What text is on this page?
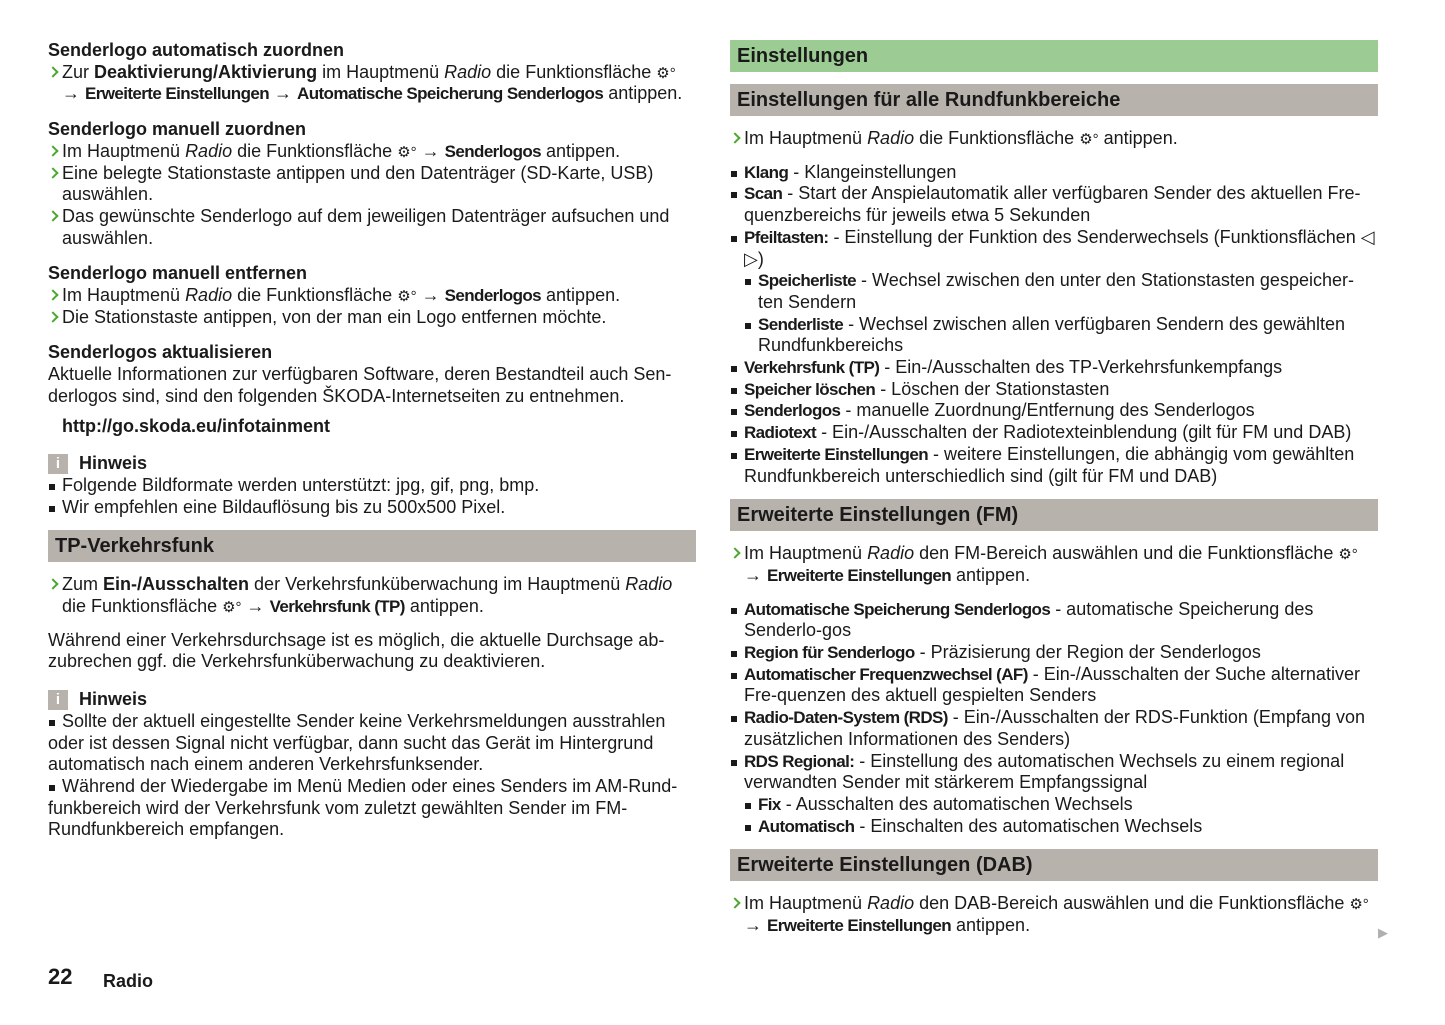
Senderlogo automatisch zuordnen
Zur Deaktivierung/Aktivierung im Hauptmenü Radio die Funktionsfläche ⚙° → Erweiterte Einstellungen → Automatische Speicherung Senderlogos antippen.
Senderlogo manuell zuordnen
Im Hauptmenü Radio die Funktionsfläche ⚙° → Senderlogos antippen.
Eine belegte Stationstaste antippen und den Datenträger (SD-Karte, USB) auswählen.
Das gewünschte Senderlogo auf dem jeweiligen Datenträger aufsuchen und auswählen.
Senderlogo manuell entfernen
Im Hauptmenü Radio die Funktionsfläche ⚙° → Senderlogos antippen.
Die Stationstaste antippen, von der man ein Logo entfernen möchte.
Senderlogos aktualisieren
Aktuelle Informationen zur verfügbaren Software, deren Bestandteil auch Sen-derlogos sind, sind den folgenden ŠKODA-Internetseiten zu entnehmen.
http://go.skoda.eu/infotainment
i	Hinweis
Folgende Bildformate werden unterstützt: jpg, gif, png, bmp.
Wir empfehlen eine Bildauflösung bis zu 500x500 Pixel.
TP-Verkehrsfunk
Zum Ein-/Ausschalten der Verkehrsfunküberwachung im Hauptmenü Radio die Funktionsfläche ⚙° → Verkehrsfunk (TP) antippen.
Während einer Verkehrsdurchsage ist es möglich, die aktuelle Durchsage ab-zubrechen ggf. die Verkehrsfunküberwachung zu deaktivieren.
i	Hinweis
Sollte der aktuell eingestellte Sender keine Verkehrsmeldungen ausstrahlen oder ist dessen Signal nicht verfügbar, dann sucht das Gerät im Hintergrund automatisch nach einem anderen Verkehrsfunksender.
Während der Wiedergabe im Menü Medien oder eines Senders im AM-Rund-funkbereich wird der Verkehrsfunk vom zuletzt gewählten Sender im FM-Rundfunkbereich empfangen.
Einstellungen
Einstellungen für alle Rundfunkbereiche
Im Hauptmenü Radio die Funktionsfläche ⚙° antippen.
Klang - Klangeinstellungen
Scan - Start der Anspielautomatik aller verfügbaren Sender des aktuellen Fre-quenzbereichs für jeweils etwa 5 Sekunden
Pfeiltasten: - Einstellung der Funktion des Senderwechsels (Funktionsflächen ◁ ▷)
Speicherliste - Wechsel zwischen den unter den Stationstasten gespeicher-ten Sendern
Senderliste - Wechsel zwischen allen verfügbaren Sendern des gewählten Rundfunkbereichs
Verkehrsfunk (TP) - Ein-/Ausschalten des TP-Verkehrsfunkempfangs
Speicher löschen - Löschen der Stationstasten
Senderlogos - manuelle Zuordnung/Entfernung des Senderlogos
Radiotext - Ein-/Ausschalten der Radiotexteinblendung (gilt für FM und DAB)
Erweiterte Einstellungen - weitere Einstellungen, die abhängig vom gewählten Rundfunkbereich unterschiedlich sind (gilt für FM und DAB)
Erweiterte Einstellungen (FM)
Im Hauptmenü Radio den FM-Bereich auswählen und die Funktionsfläche ⚙° → Erweiterte Einstellungen antippen.
Automatische Speicherung Senderlogos - automatische Speicherung des Senderlo-gos
Region für Senderlogo - Präzisierung der Region der Senderlogos
Automatischer Frequenzwechsel (AF) - Ein-/Ausschalten der Suche alternativer Fre-quenzen des aktuell gespielten Senders
Radio-Daten-System (RDS) - Ein-/Ausschalten der RDS-Funktion (Empfang von zusätzlichen Informationen des Senders)
RDS Regional: - Einstellung des automatischen Wechsels zu einem regional verwandten Sender mit stärkerem Empfangssignal
Fix - Ausschalten des automatischen Wechsels
Automatisch - Einschalten des automatischen Wechsels
Erweiterte Einstellungen (DAB)
Im Hauptmenü Radio den DAB-Bereich auswählen und die Funktionsfläche ⚙° → Erweiterte Einstellungen antippen.
22 Radio
▶
